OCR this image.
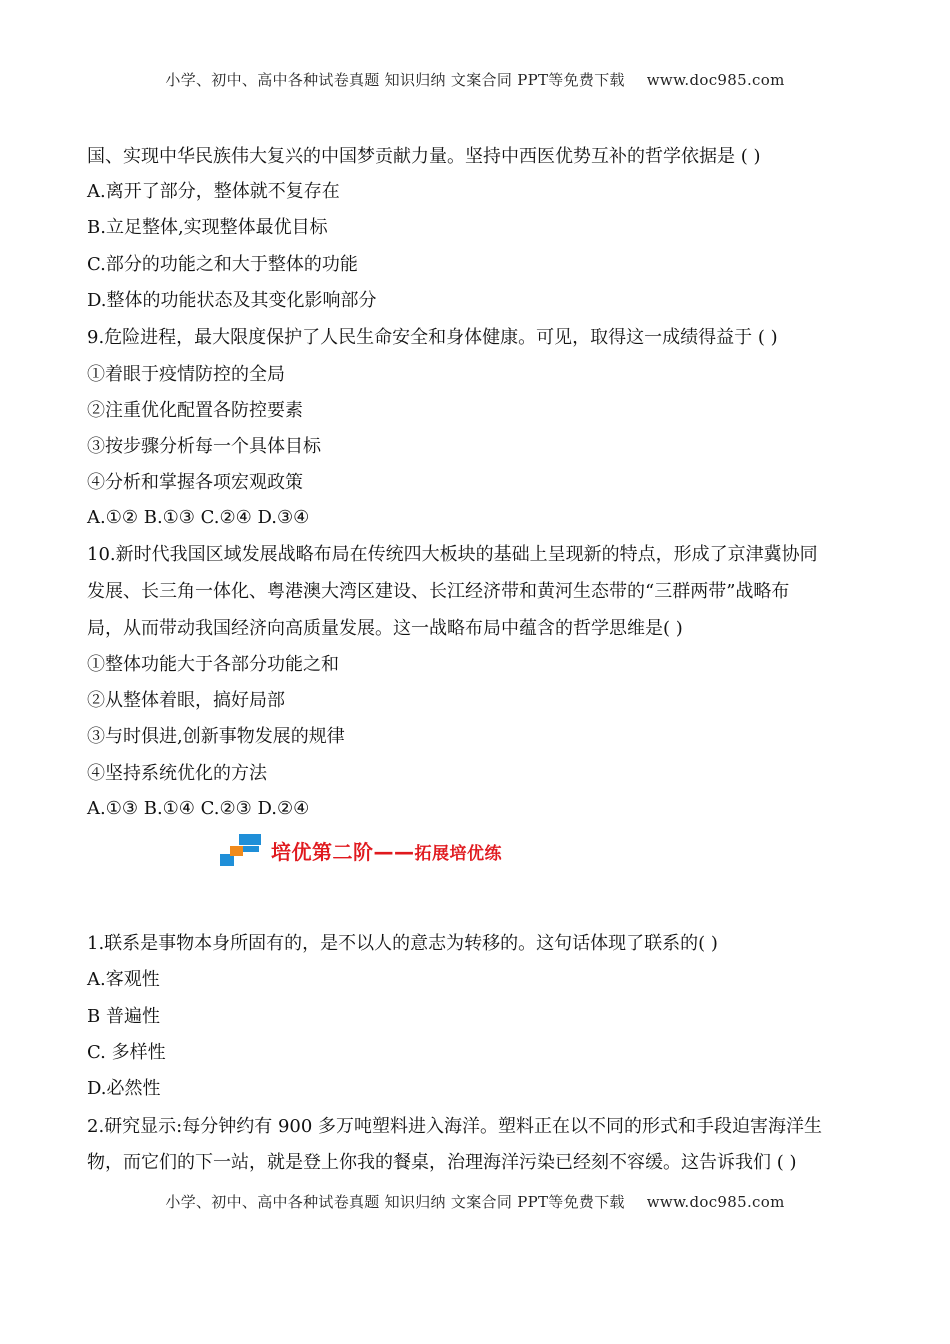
小学、初中、高中各种试卷真题 知识归纳 文案合同 PPT等免费下载 www.doc985.com
国、实现中华民族伟大复兴的中国梦贡献力量。坚持中西医优势互补的哲学依据是 ( )
A.离开了部分，整体就不复存在
B.立足整体,实现整体最优目标
C.部分的功能之和大于整体的功能
D.整体的功能状态及其变化影响部分
9.危险进程，最大限度保护了人民生命安全和身体健康。可见，取得这一成绩得益于 ( )
①着眼于疫情防控的全局
②注重优化配置各防控要素
③按步骤分析每一个具体目标
④分析和掌握各项宏观政策
A.①② B.①③ C.②④ D.③④
10.新时代我国区域发展战略布局在传统四大板块的基础上呈现新的特点，形成了京津冀协同
发展、长三角一体化、粤港澳大湾区建设、长江经济带和黄河生态带的“三群两带”战略布
局，从而带动我国经济向高质量发展。这一战略布局中蕴含的哲学思维是( )
①整体功能大于各部分功能之和
②从整体着眼，搞好局部
③与时俱进,创新事物发展的规律
④坚持系统优化的方法
A.①③ B.①④ C.②③ D.②④
培优第二阶——拓展培优练
1.联系是事物本身所固有的，是不以人的意志为转移的。这句话体现了联系的( )
A.客观性
B 普遍性
C. 多样性
D.必然性
2.研究显示:每分钟约有 900 多万吨塑料进入海洋。塑料正在以不同的形式和手段迫害海洋生
物，而它们的下一站，就是登上你我的餐桌，治理海洋污染已经刻不容缓。这告诉我们 ( )
小学、初中、高中各种试卷真题 知识归纳 文案合同 PPT等免费下载 www.doc985.com
